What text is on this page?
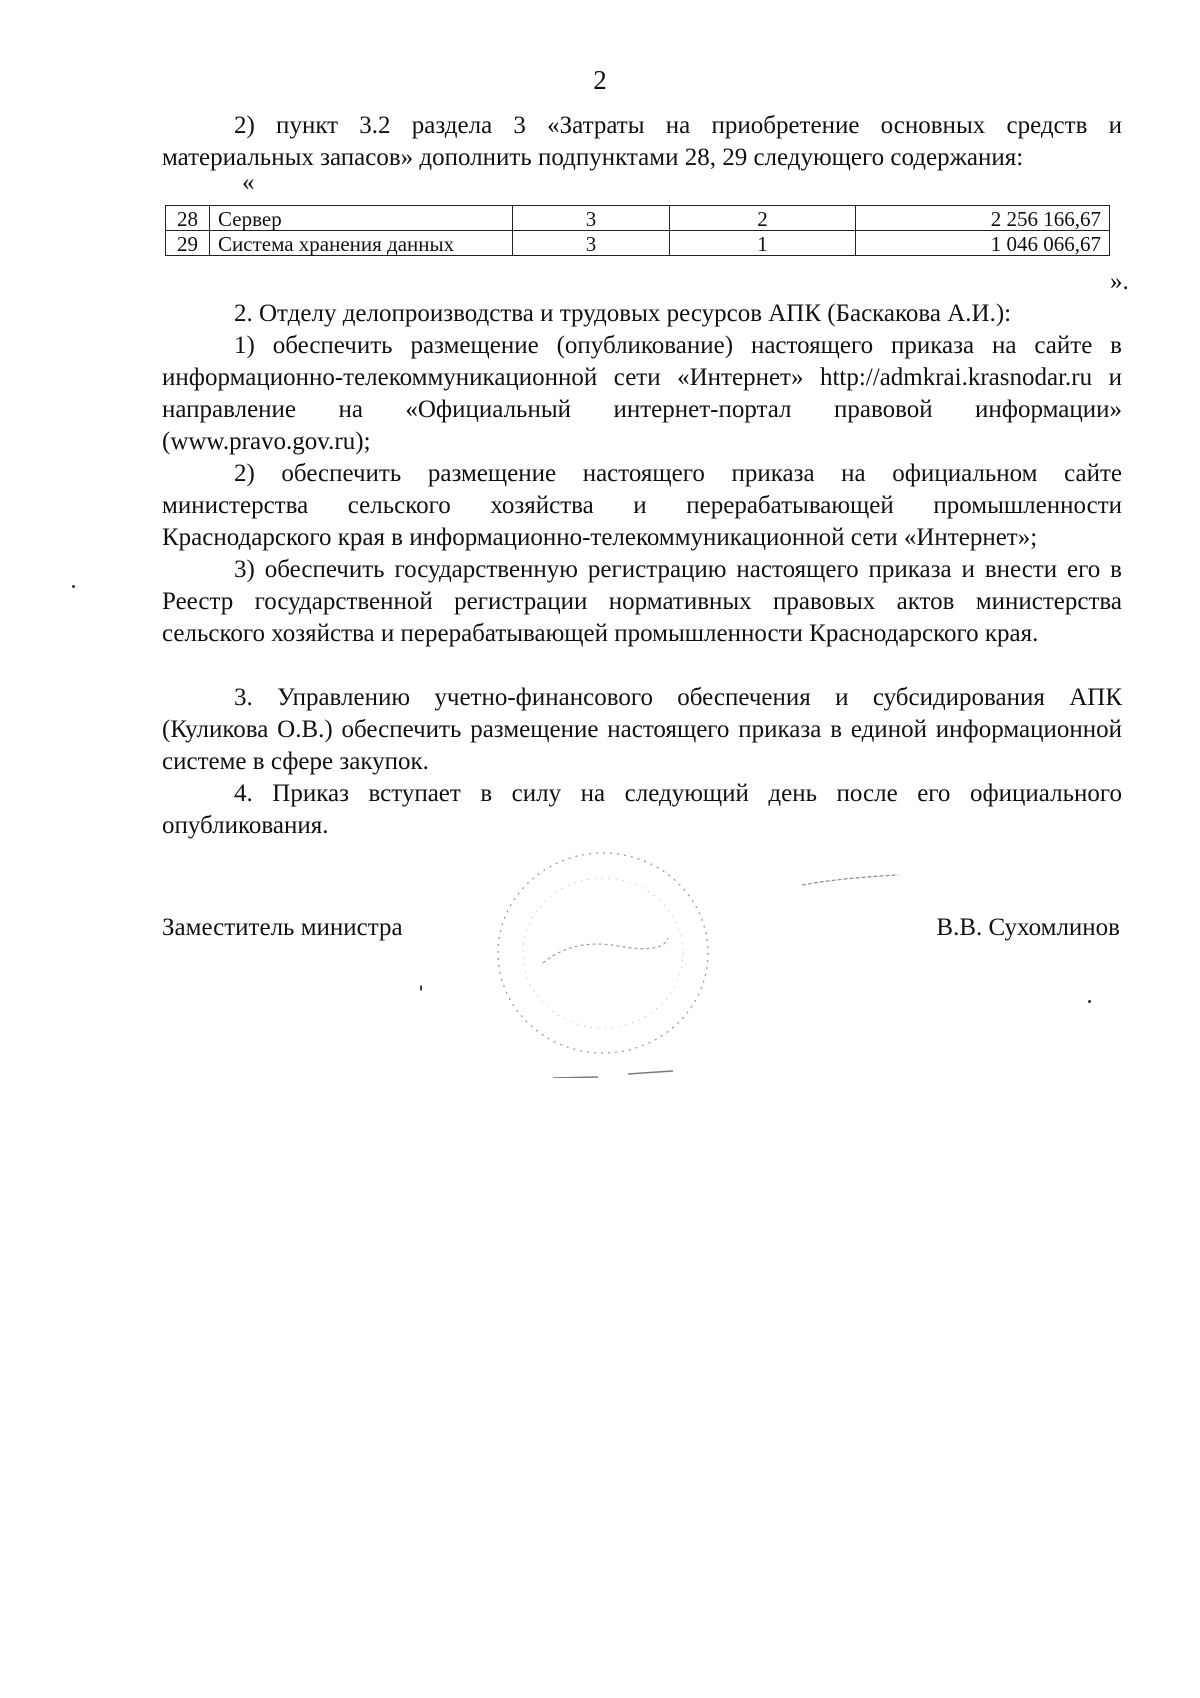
2

2) пункт 3.2 раздела 3 «Затраты на приобретение основных средств и материальных запасов» дополнить подпунктами 28, 29 следующего содержания:

«
28	Сервер	3	2	2 256 166,67
29	Система хранения данных	3	1	1 046 066,67
».

2. Отделу делопроизводства и трудовых ресурсов АПК (Баскакова А.И.):

1) обеспечить размещение (опубликование) настоящего приказа на сайте в информационно-телекоммуникационной сети «Интернет» http://admkrai.krasnodar.ru и направление на «Официальный интернет-портал правовой информации» (www.pravo.gov.ru);

2) обеспечить размещение настоящего приказа на официальном сайте министерства сельского хозяйства и перерабатывающей промышленности Краснодарского края в информационно-телекоммуникационной сети «Интернет»;

3) обеспечить государственную регистрацию настоящего приказа и внести его в Реестр государственной регистрации нормативных правовых актов министерства сельского хозяйства и перерабатывающей промышленности Краснодарского края.

3. Управлению учетно-финансового обеспечения и субсидирования АПК (Куликова О.В.) обеспечить размещение настоящего приказа в единой информационной системе в сфере закупок.

4. Приказ вступает в силу на следующий день после его официального опубликования.

Заместитель министра	В.В. Сухомлинов
